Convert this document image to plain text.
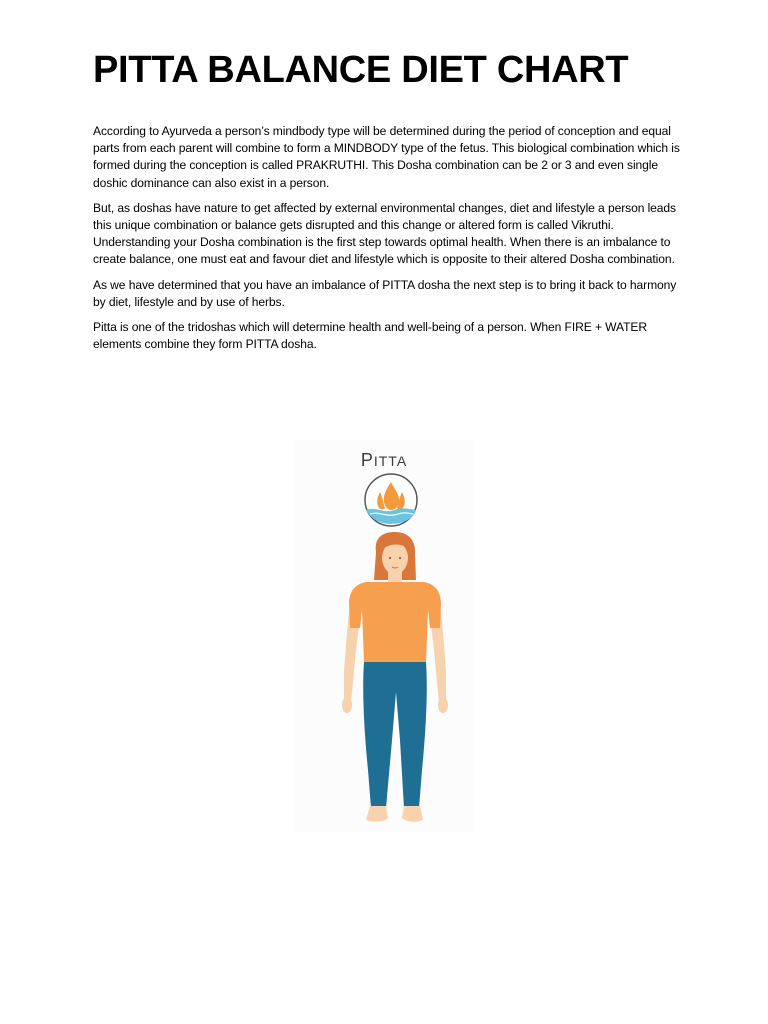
PITTA BALANCE DIET CHART

According to Ayurveda a person’s mindbody type will be determined during the period of conception and equal parts from each parent will combine to form a MINDBODY type of the fetus. This biological combination which is formed during the conception is called PRAKRUTHI. This Dosha combination can be 2 or 3 and even single doshic dominance can also exist in a person.

But, as doshas have nature to get affected by external environmental changes, diet and lifestyle a person leads this unique combination or balance gets disrupted and this change or altered form is called Vikruthi. Understanding your Dosha combination is the first step towards optimal health. When there is an imbalance to create balance, one must eat and favour diet and lifestyle which is opposite to their altered Dosha combination.

As we have determined that you have an imbalance of PITTA dosha the next step is to bring it back to harmony by diet, lifestyle and by use of herbs.

Pitta is one of the tridoshas which will determine health and well-being of a person. When FIRE + WATER elements combine they form PITTA dosha.

PITTA
